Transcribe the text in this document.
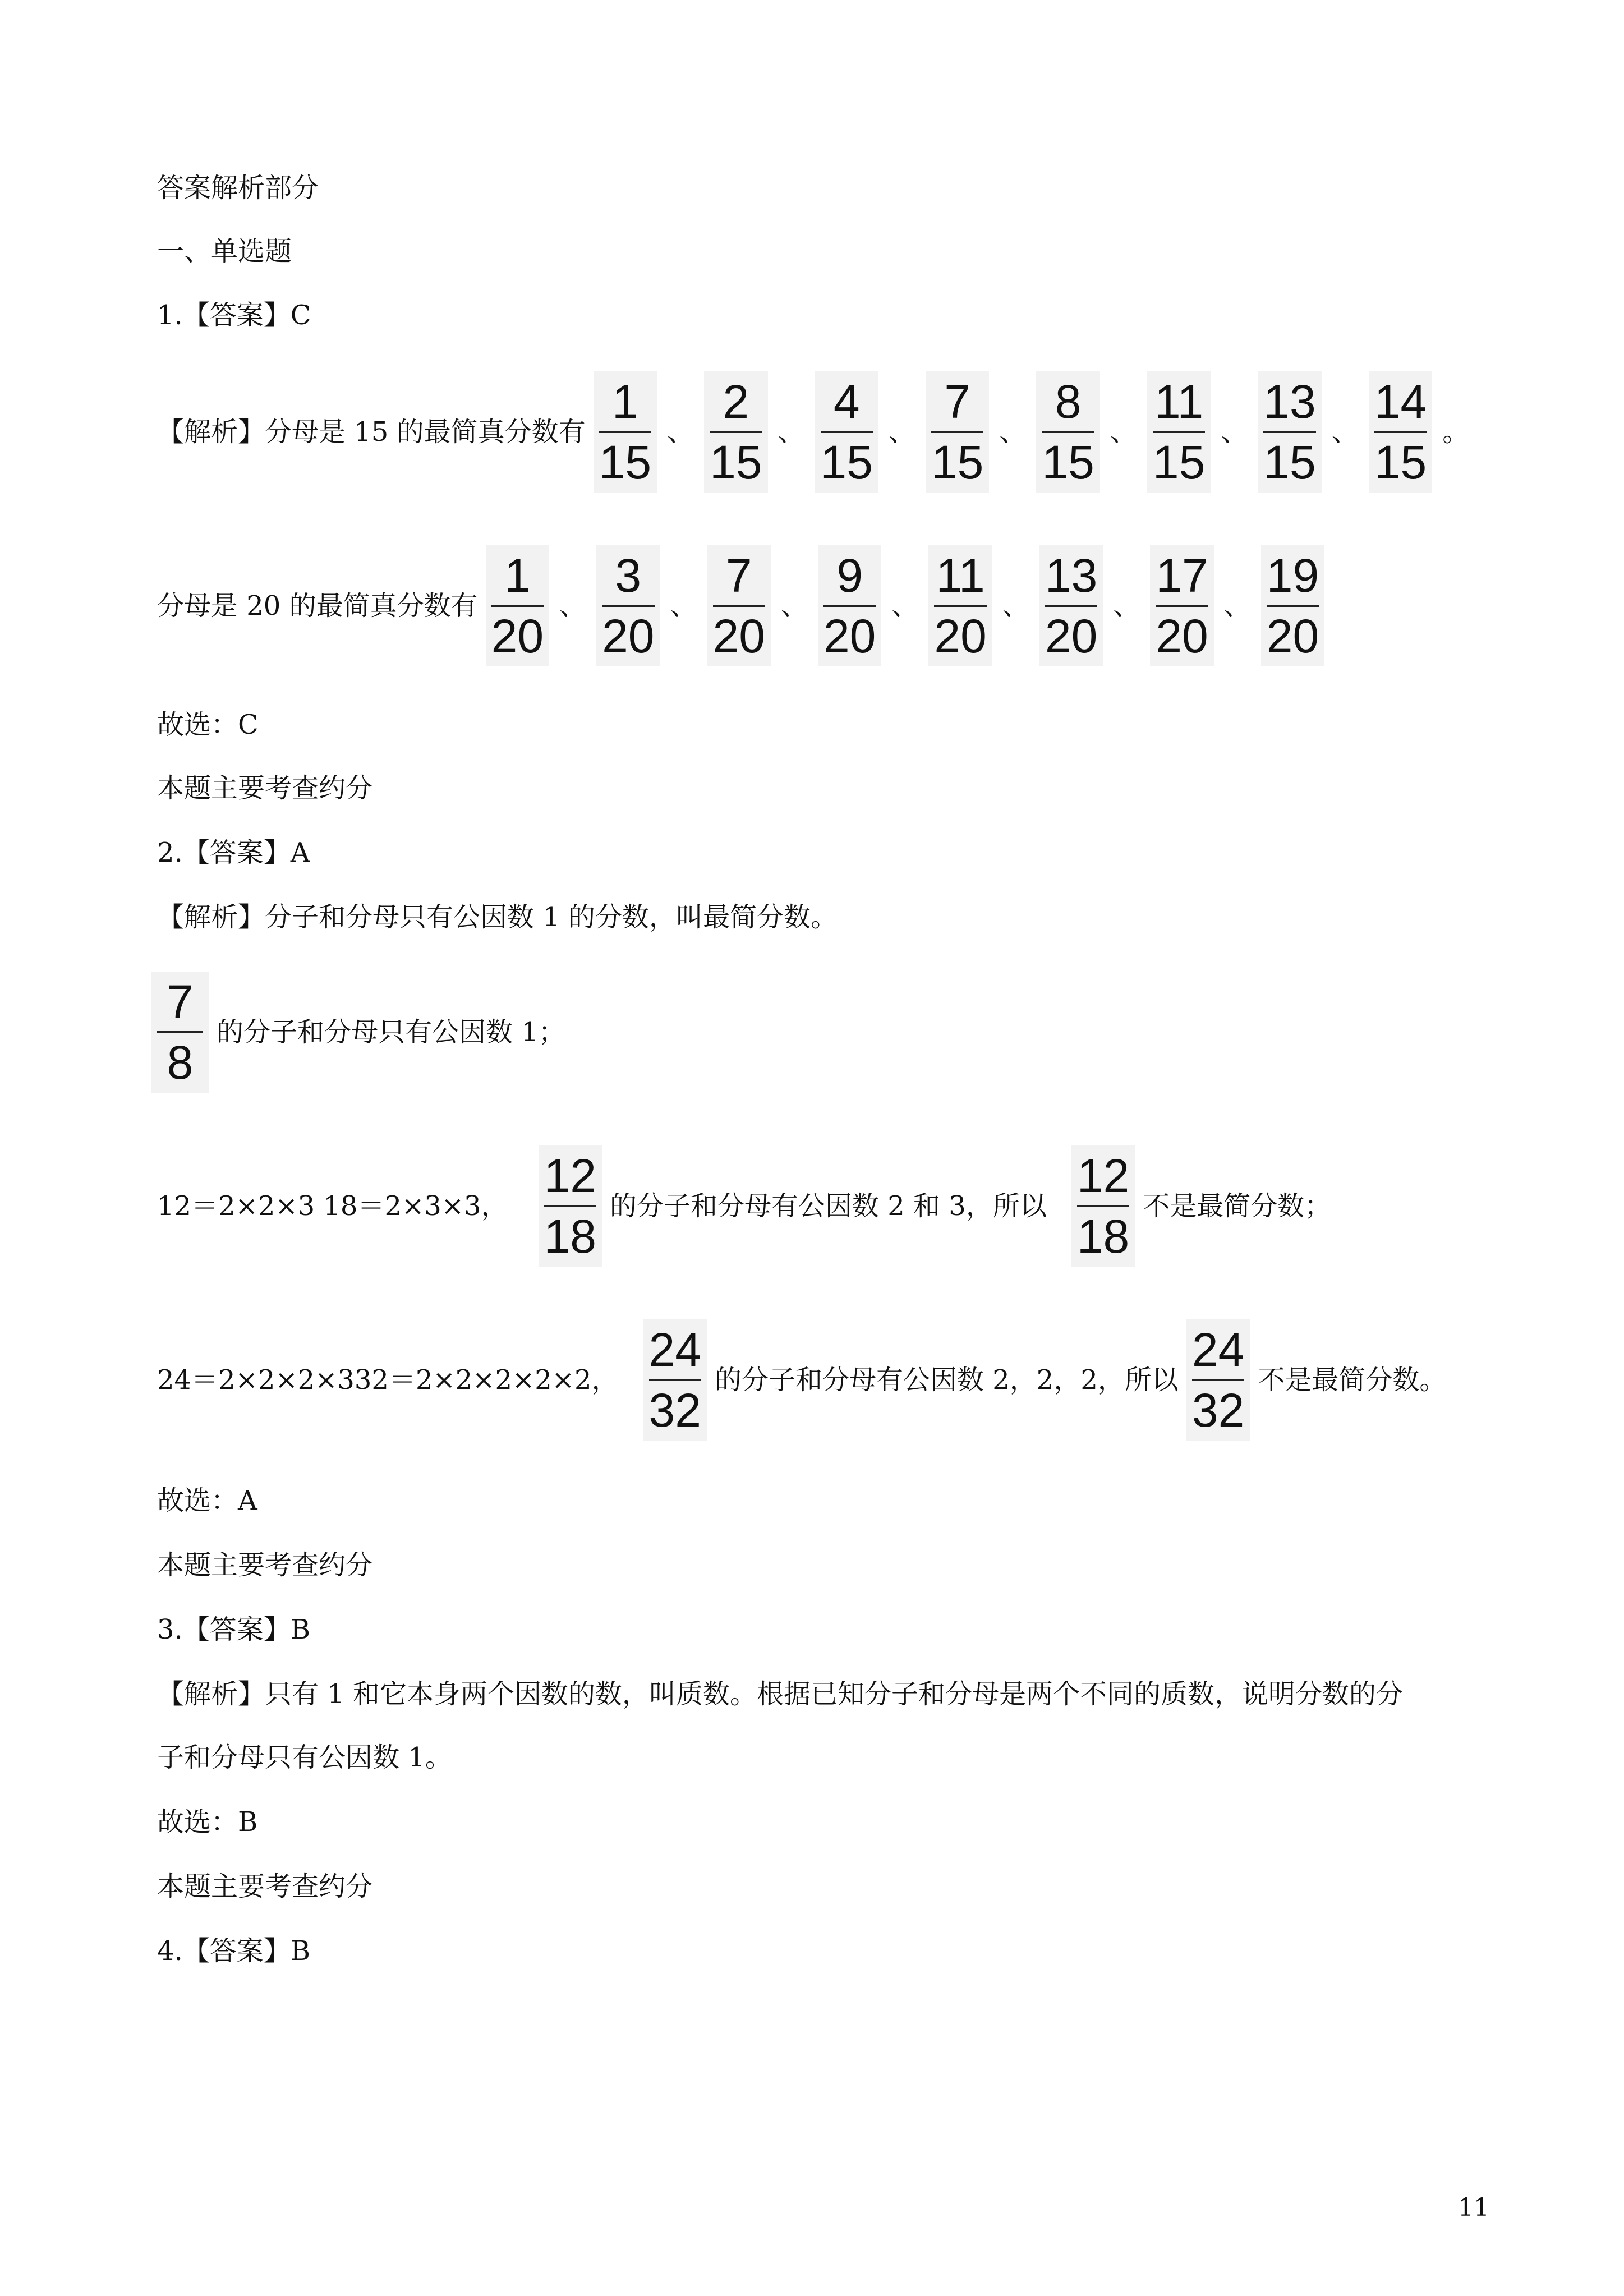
答案解析部分
一、单选题
1.【答案】C
【解析】分母是 15 的最简真分数有 $\frac{1}{15}$ 、 $\frac{2}{15}$ 、 $\frac{4}{15}$ 、 $\frac{7}{15}$ 、 $\frac{8}{15}$ 、 $\frac{11}{15}$ 、 $\frac{13}{15}$ 、 $\frac{14}{15}$ 。
分母是 20 的最简真分数有 $\frac{1}{20}$ 、 $\frac{3}{20}$ 、 $\frac{7}{20}$ 、 $\frac{9}{20}$ 、 $\frac{11}{20}$ 、 $\frac{13}{20}$ 、 $\frac{17}{20}$ 、 $\frac{19}{20}$
故选：C
本题主要考查约分
2.【答案】A
【解析】分子和分母只有公因数 1 的分数，叫最简分数。
$\frac{7}{8}$ 的分子和分母只有公因数 1；
12＝2×2×3 18＝2×3×3， $\frac{12}{18}$ 的分子和分母有公因数 2 和 3，所以 $\frac{12}{18}$ 不是最简分数；
24＝2×2×2×332＝2×2×2×2×2， $\frac{24}{32}$ 的分子和分母有公因数 2，2，2，所以 $\frac{24}{32}$ 不是最简分数。
故选：A
本题主要考查约分
3.【答案】B
【解析】只有 1 和它本身两个因数的数，叫质数。根据已知分子和分母是两个不同的质数，说明分数的分
子和分母只有公因数 1。
故选：B
本题主要考查约分
4.【答案】B
11
